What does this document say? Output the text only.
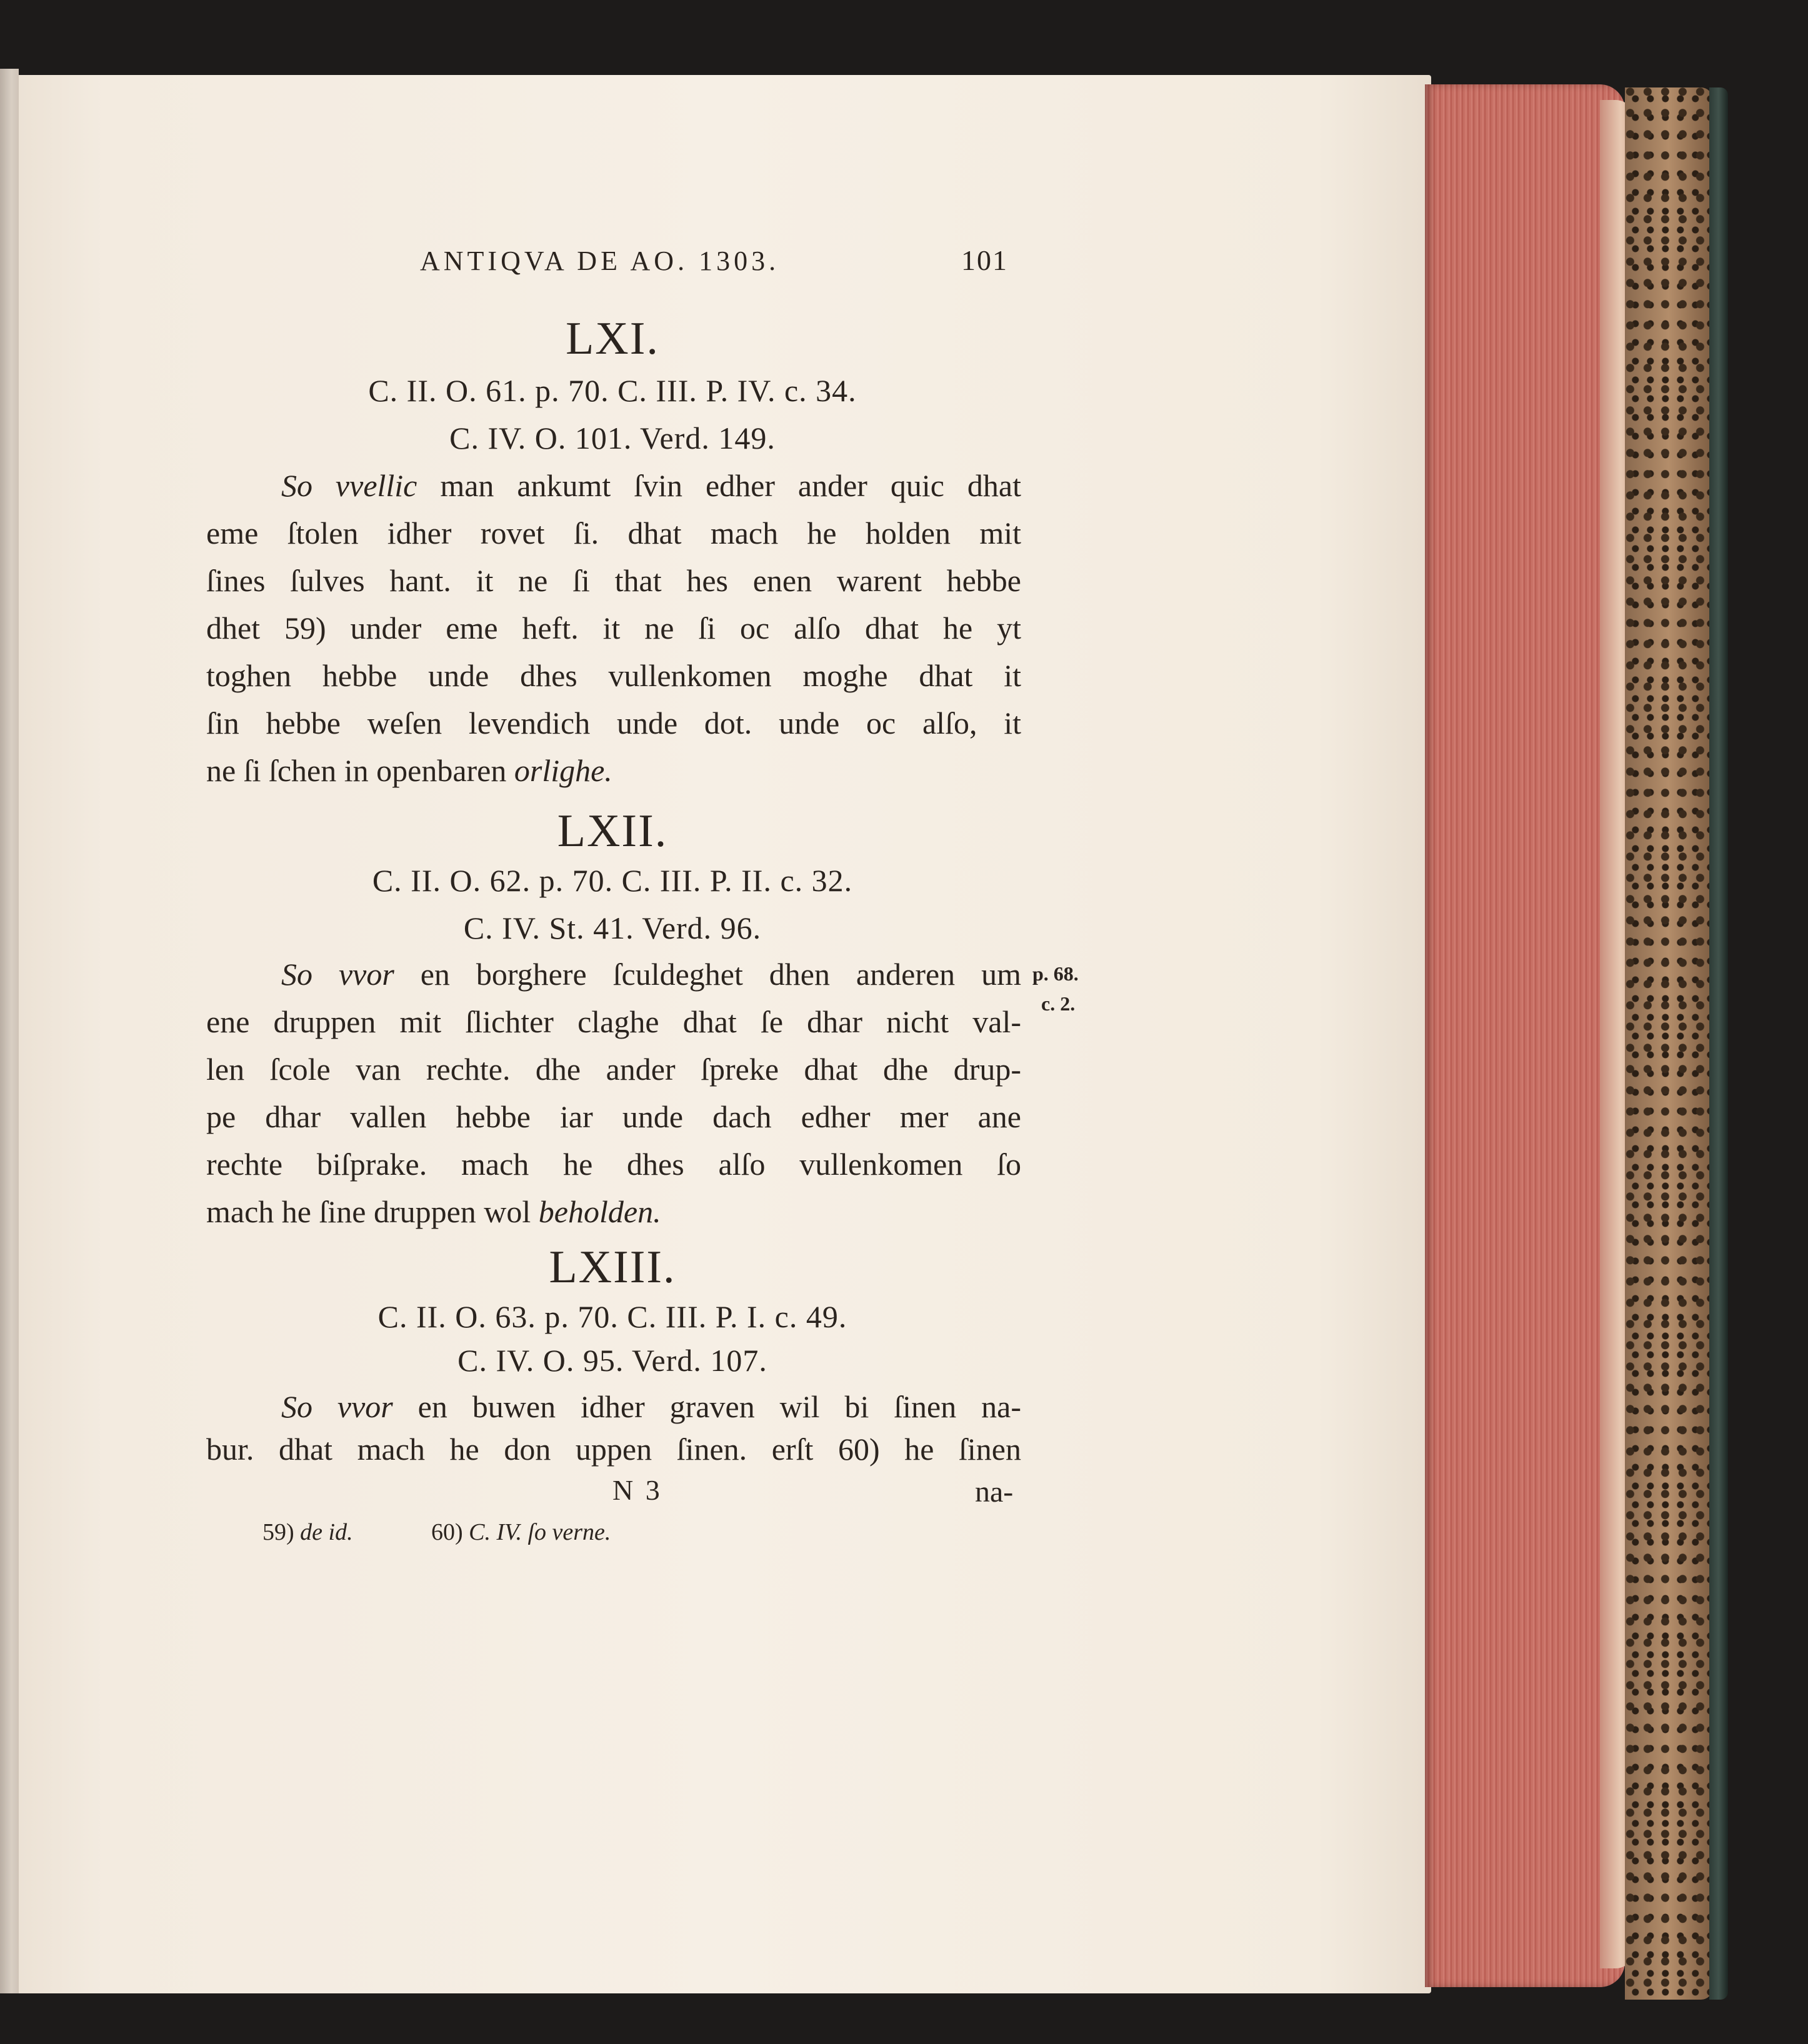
ANTIQVA DE AO. 1303.	101
LXI.
C. II. O. 61. p. 70. C. III. P. IV. c. 34.
C. IV. O. 101. Verd. 149.
So vvellic man ankumt ſvin edher ander quic dhat
eme ſtolen idher rovet ſi. dhat mach he holden mit
ſines ſulves hant. it ne ſi that hes enen warent hebbe
dhet 59) under eme heft. it ne ſi oc alſo dhat he yt
toghen hebbe unde dhes vullenkomen moghe dhat it
ſin hebbe weſen levendich unde dot. unde oc alſo, it
ne ſi ſchen in openbaren orlighe.
LXII.
C. II. O. 62. p. 70. C. III. P. II. c. 32.
C. IV. St. 41. Verd. 96.
So vvor en borghere ſculdeghet dhen anderen um p. 68.
c. 2.
ene druppen mit ſlichter claghe dhat ſe dhar nicht val-
len ſcole van rechte. dhe ander ſpreke dhat dhe drup-
pe dhar vallen hebbe iar unde dach edher mer ane
rechte biſprake. mach he dhes alſo vullenkomen ſo
mach he ſine druppen wol beholden.
LXIII.
C. II. O. 63. p. 70. C. III. P. I. c. 49.
C. IV. O. 95. Verd. 107.
So vvor en buwen idher graven wil bi ſinen na-
bur. dhat mach he don uppen ſinen. erſt 60) he ſinen
N 3	na-
59) de id.	60) C. IV. ſo verne.
